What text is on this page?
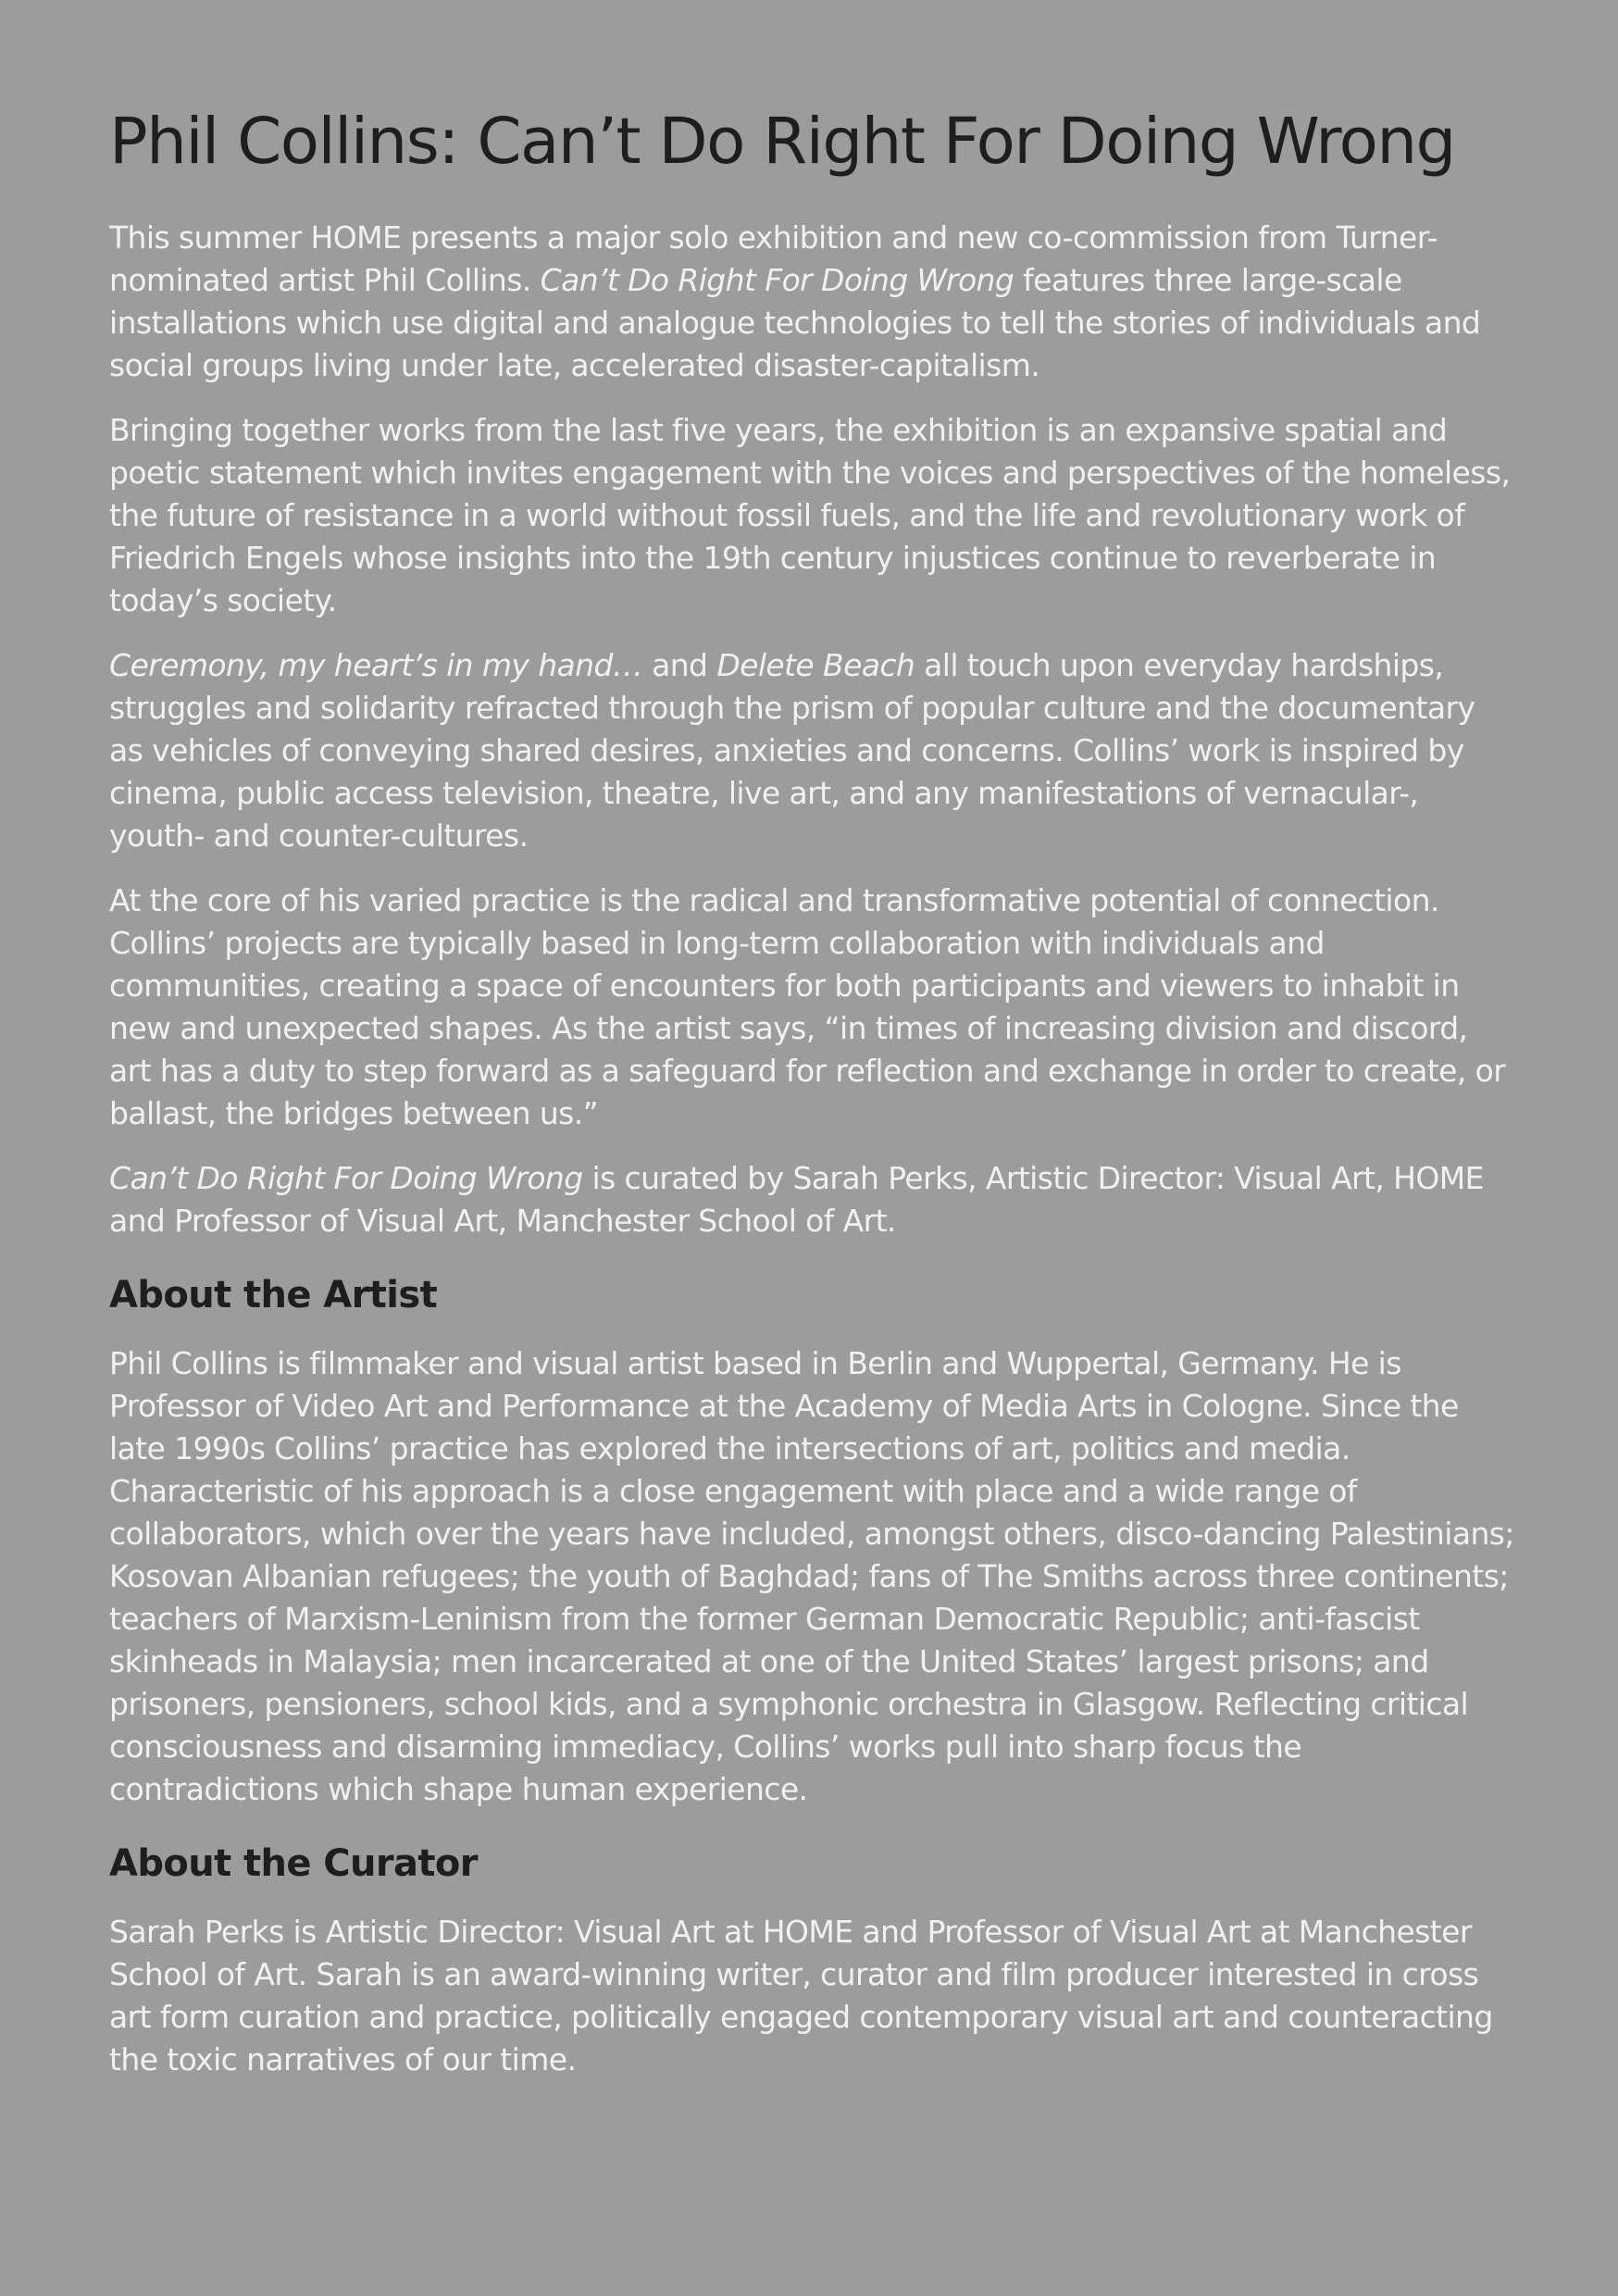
Phil Collins: Can’t Do Right For Doing Wrong

This summer HOME presents a major solo exhibition and new co-commission from Turner-nominated artist Phil Collins. Can’t Do Right For Doing Wrong features three large-scale installations which use digital and analogue technologies to tell the stories of individuals and social groups living under late, accelerated disaster-capitalism.

Bringing together works from the last five years, the exhibition is an expansive spatial and poetic statement which invites engagement with the voices and perspectives of the homeless, the future of resistance in a world without fossil fuels, and the life and revolutionary work of Friedrich Engels whose insights into the 19th century injustices continue to reverberate in today’s society.

Ceremony, my heart’s in my hand… and Delete Beach all touch upon everyday hardships, struggles and solidarity refracted through the prism of popular culture and the documentary as vehicles of conveying shared desires, anxieties and concerns. Collins’ work is inspired by cinema, public access television, theatre, live art, and any manifestations of vernacular-, youth- and counter-cultures.

At the core of his varied practice is the radical and transformative potential of connection. Collins’ projects are typically based in long-term collaboration with individuals and communities, creating a space of encounters for both participants and viewers to inhabit in new and unexpected shapes. As the artist says, “in times of increasing division and discord, art has a duty to step forward as a safeguard for reflection and exchange in order to create, or ballast, the bridges between us.”

Can’t Do Right For Doing Wrong is curated by Sarah Perks, Artistic Director: Visual Art, HOME and Professor of Visual Art, Manchester School of Art.

About the Artist

Phil Collins is filmmaker and visual artist based in Berlin and Wuppertal, Germany. He is Professor of Video Art and Performance at the Academy of Media Arts in Cologne. Since the late 1990s Collins’ practice has explored the intersections of art, politics and media. Characteristic of his approach is a close engagement with place and a wide range of collaborators, which over the years have included, amongst others, disco-dancing Palestinians; Kosovan Albanian refugees; the youth of Baghdad; fans of The Smiths across three continents; teachers of Marxism-Leninism from the former German Democratic Republic; anti-fascist skinheads in Malaysia; men incarcerated at one of the United States’ largest prisons; and prisoners, pensioners, school kids, and a symphonic orchestra in Glasgow. Reflecting critical consciousness and disarming immediacy, Collins’ works pull into sharp focus the contradictions which shape human experience.

About the Curator

Sarah Perks is Artistic Director: Visual Art at HOME and Professor of Visual Art at Manchester School of Art. Sarah is an award-winning writer, curator and film producer interested in cross art form curation and practice, politically engaged contemporary visual art and counteracting the toxic narratives of our time.
